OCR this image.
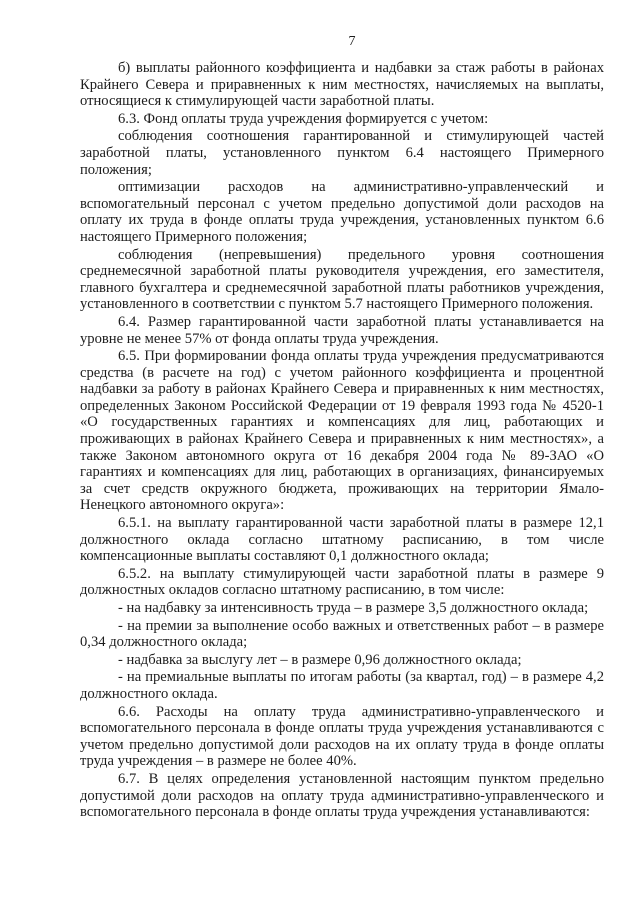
7

б) выплаты районного коэффициента и надбавки за стаж работы в районах Крайнего Севера и приравненных к ним местностях, начисляемых на выплаты, относящиеся к стимулирующей части заработной платы.

6.3. Фонд оплаты труда учреждения формируется с учетом:

соблюдения соотношения гарантированной и стимулирующей частей заработной платы, установленного пунктом 6.4 настоящего Примерного положения;

оптимизации расходов на административно-управленческий и вспомогательный персонал с учетом предельно допустимой доли расходов на оплату их труда в фонде оплаты труда учреждения, установленных пунктом 6.6 настоящего Примерного положения;

соблюдения (непревышения) предельного уровня соотношения среднемесячной заработной платы руководителя учреждения, его заместителя, главного бухгалтера и среднемесячной заработной платы работников учреждения, установленного в соответствии с пунктом 5.7 настоящего Примерного положения.

6.4. Размер гарантированной части заработной платы устанавливается на уровне не менее 57% от фонда оплаты труда учреждения.

6.5. При формировании фонда оплаты труда учреждения предусматриваются средства (в расчете на год) с учетом районного коэффициента и процентной надбавки за работу в районах Крайнего Севера и приравненных к ним местностях, определенных Законом Российской Федерации от 19 февраля 1993 года № 4520-1 «О государственных гарантиях и компенсациях для лиц, работающих и проживающих в районах Крайнего Севера и приравненных к ним местностях», а также Законом автономного округа от 16 декабря 2004 года № 89-ЗАО «О гарантиях и компенсациях для лиц, работающих в организациях, финансируемых за счет средств окружного бюджета, проживающих на территории Ямало-Ненецкого автономного округа»:

6.5.1. на выплату гарантированной части заработной платы в размере 12,1 должностного оклада согласно штатному расписанию, в том числе компенсационные выплаты составляют 0,1 должностного оклада;

6.5.2. на выплату стимулирующей части заработной платы в размере 9 должностных окладов согласно штатному расписанию, в том числе:

- на надбавку за интенсивность труда – в размере 3,5 должностного оклада;

- на премии за выполнение особо важных и ответственных работ – в размере 0,34 должностного оклада;

- надбавка за выслугу лет – в размере 0,96 должностного оклада;

- на премиальные выплаты по итогам работы (за квартал, год) – в размере 4,2 должностного оклада.

6.6. Расходы на оплату труда административно-управленческого и вспомогательного персонала в фонде оплаты труда учреждения устанавливаются с учетом предельно допустимой доли расходов на их оплату труда в фонде оплаты труда учреждения – в размере не более 40%.

6.7. В целях определения установленной настоящим пунктом предельно допустимой доли расходов на оплату труда административно-управленческого и вспомогательного персонала в фонде оплаты труда учреждения устанавливаются:
